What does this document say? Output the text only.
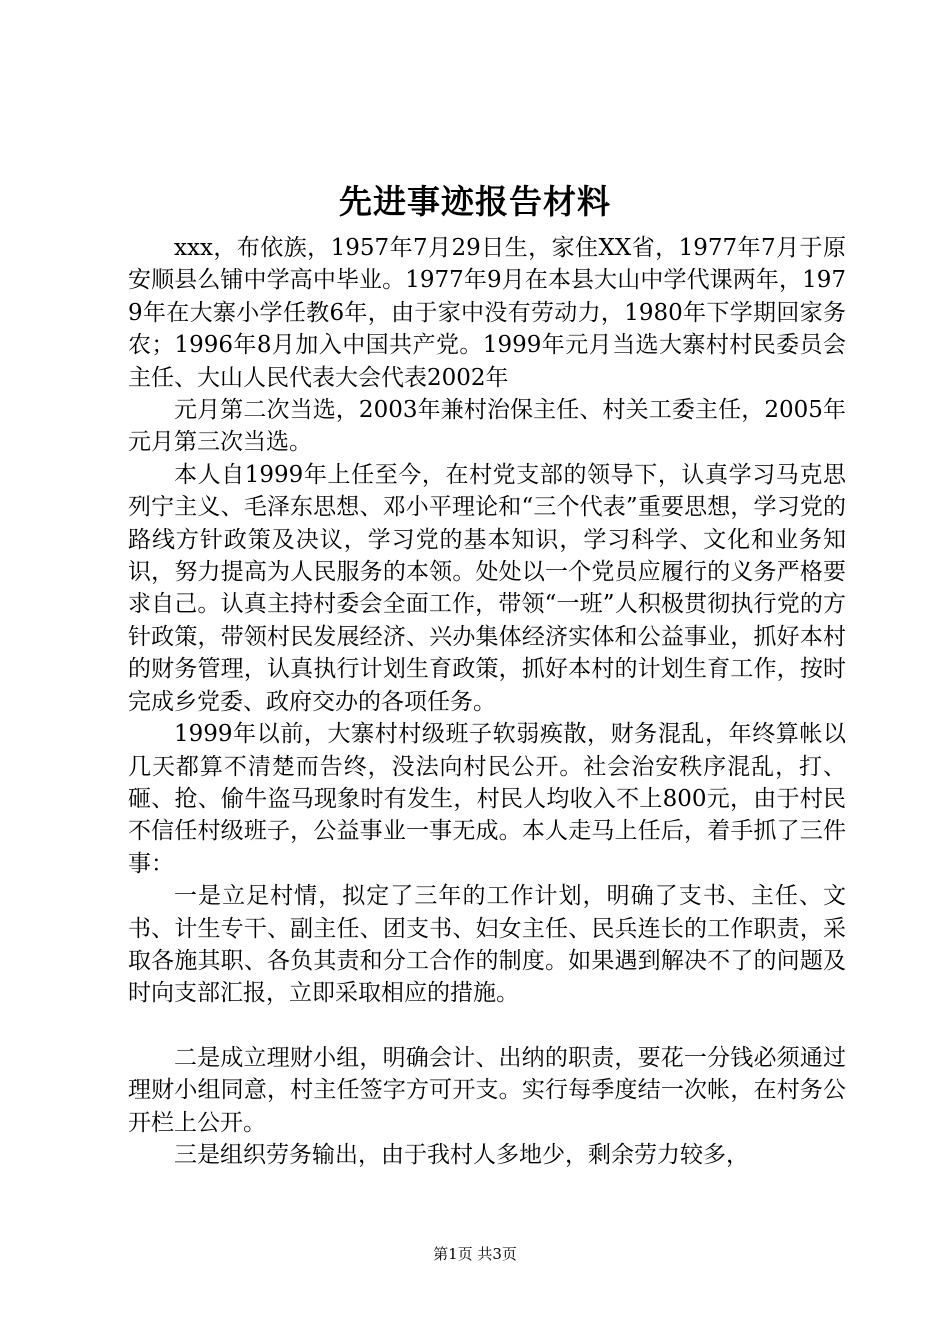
先进事迹报告材料

xxx，布依族，1957年7月29日生，家住XX省，1977年7月于原安顺县么铺中学高中毕业。1977年9月在本县大山中学代课两年，1979年在大寨小学任教6年，由于家中没有劳动力，1980年下学期回家务农；1996年8月加入中国共产党。1999年元月当选大寨村村民委员会主任、大山人民代表大会代表2002年

元月第二次当选，2003年兼村治保主任、村关工委主任，2005年元月第三次当选。

本人自1999年上任至今，在村党支部的领导下，认真学习马克思列宁主义、毛泽东思想、邓小平理论和“三个代表”重要思想，学习党的路线方针政策及决议，学习党的基本知识，学习科学、文化和业务知识，努力提高为人民服务的本领。处处以一个党员应履行的义务严格要求自己。认真主持村委会全面工作，带领“一班”人积极贯彻执行党的方针政策，带领村民发展经济、兴办集体经济实体和公益事业，抓好本村的财务管理，认真执行计划生育政策，抓好本村的计划生育工作，按时完成乡党委、政府交办的各项任务。

1999年以前，大寨村村级班子软弱痪散，财务混乱，年终算帐以几天都算不清楚而告终，没法向村民公开。社会治安秩序混乱，打、砸、抢、偷牛盗马现象时有发生，村民人均收入不上800元，由于村民不信任村级班子，公益事业一事无成。本人走马上任后，着手抓了三件事：

一是立足村情，拟定了三年的工作计划，明确了支书、主任、文书、计生专干、副主任、团支书、妇女主任、民兵连长的工作职责，采取各施其职、各负其责和分工合作的制度。如果遇到解决不了的问题及时向支部汇报，立即采取相应的措施。

二是成立理财小组，明确会计、出纳的职责，要花一分钱必须通过理财小组同意，村主任签字方可开支。实行每季度结一次帐，在村务公开栏上公开。

三是组织劳务输出，由于我村人多地少，剩余劳力较多，

第1页 共3页
